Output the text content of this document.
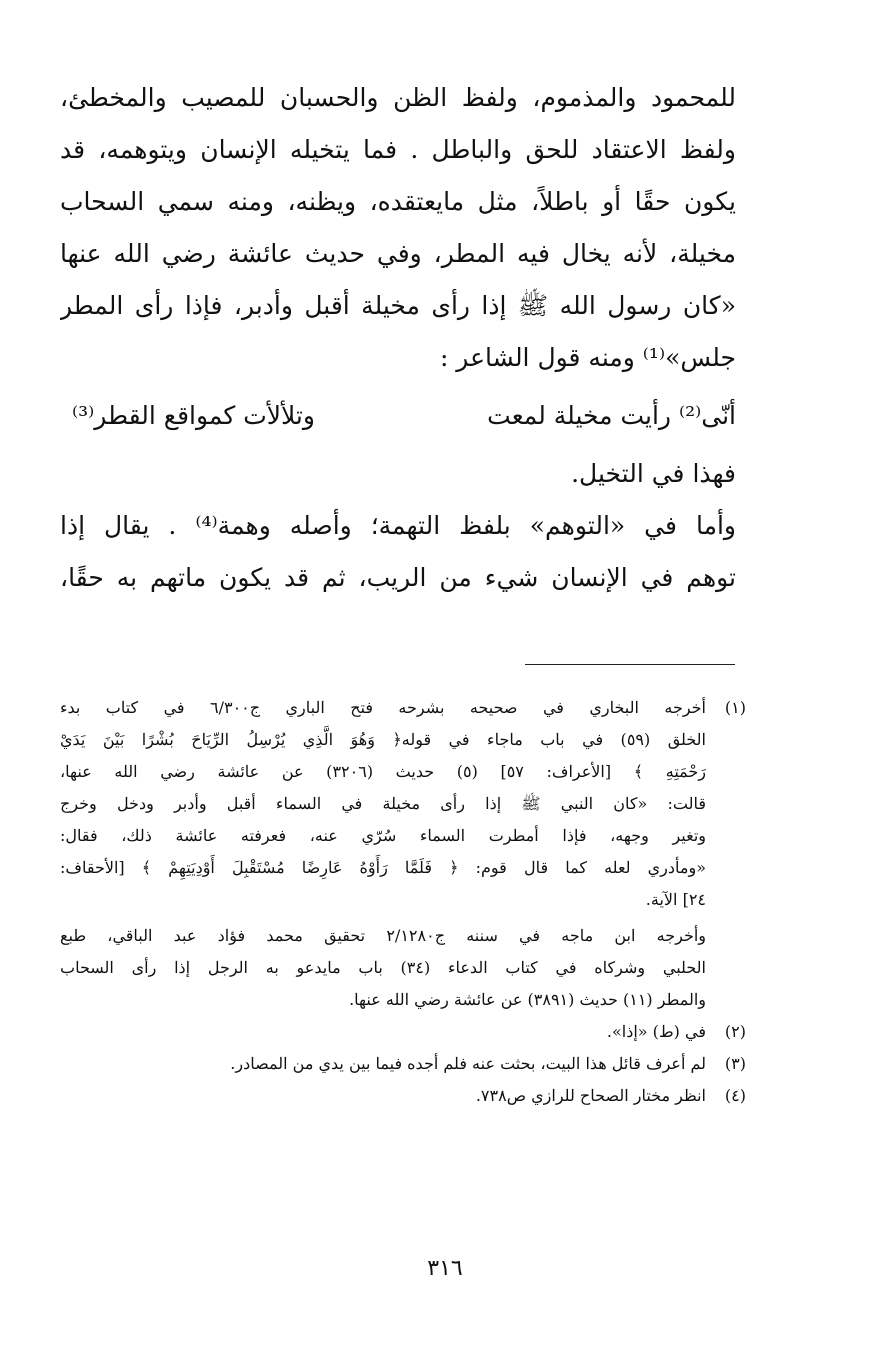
للمحمود والمذموم، ولفظ الظن والحسبان للمصيب والمخطئ،
ولفظ الاعتقاد للحق والباطل . فما يتخيله الإنسان ويتوهمه، قد
يكون حقًا أو باطلاً، مثل مايعتقده، ويظنه، ومنه سمي السحاب
مخيلة، لأنه يخال فيه المطر، وفي حديث عائشة رضي الله عنها
«كان رسول الله ﷺ إذا رأى مخيلة أقبل وأدبر، فإذا رأى المطر
جلس»⁽¹⁾ ومنه قول الشاعر :
أنّى⁽²⁾ رأيت مخيلة لمعت
وتلألأت كمواقع القطر⁽³⁾
فهذا في التخيل.
وأما في «التوهم» بلفظ التهمة؛ وأصله وهمة⁽⁴⁾ . يقال إذا
توهم في الإنسان شيء من الريب، ثم قد يكون ماتهم به حقًا،
(١)
أخرجه البخاري في صحيحه بشرحه فتح الباري ج٦/٣٠٠ في كتاب بدء
الخلق (٥٩) في باب ماجاء في قوله﴿ وَهُوَ الَّذِي يُرْسِلُ الرِّيَاحَ بُشْرًا بَيْنَ يَدَيْ
رَحْمَتِهِ ﴾ [الأعراف: ٥٧] (٥) حديث (٣٢٠٦) عن عائشة رضي الله عنها،
قالت: «كان النبي ﷺ إذا رأى مخيلة في السماء أقبل وأدبر ودخل وخرج
وتغير وجهه، فإذا أمطرت السماء سُرّي عنه، فعرفته عائشة ذلك، فقال:
«ومأدري لعله كما قال قوم: ﴿ فَلَمَّا رَأَوْهُ عَارِضًا مُسْتَقْبِلَ أَوْدِيَتِهِمْ ﴾ [الأحقاف:
٢٤] الآية.
وأخرجه ابن ماجه في سننه ج٢/١٢٨٠ تحقيق محمد فؤاد عبد الباقي، طبع
الحلبي وشركاه في كتاب الدعاء (٣٤) باب مايدعو به الرجل إذا رأى السحاب
والمطر (١١) حديث (٣٨٩١) عن عائشة رضي الله عنها.
(٢)
في (ط) «إذا».
(٣)
لم أعرف قائل هذا البيت، بحثت عنه فلم أجده فيما بين يدي من المصادر.
(٤)
انظر مختار الصحاح للرازي ص٧٣٨.
٣١٦
